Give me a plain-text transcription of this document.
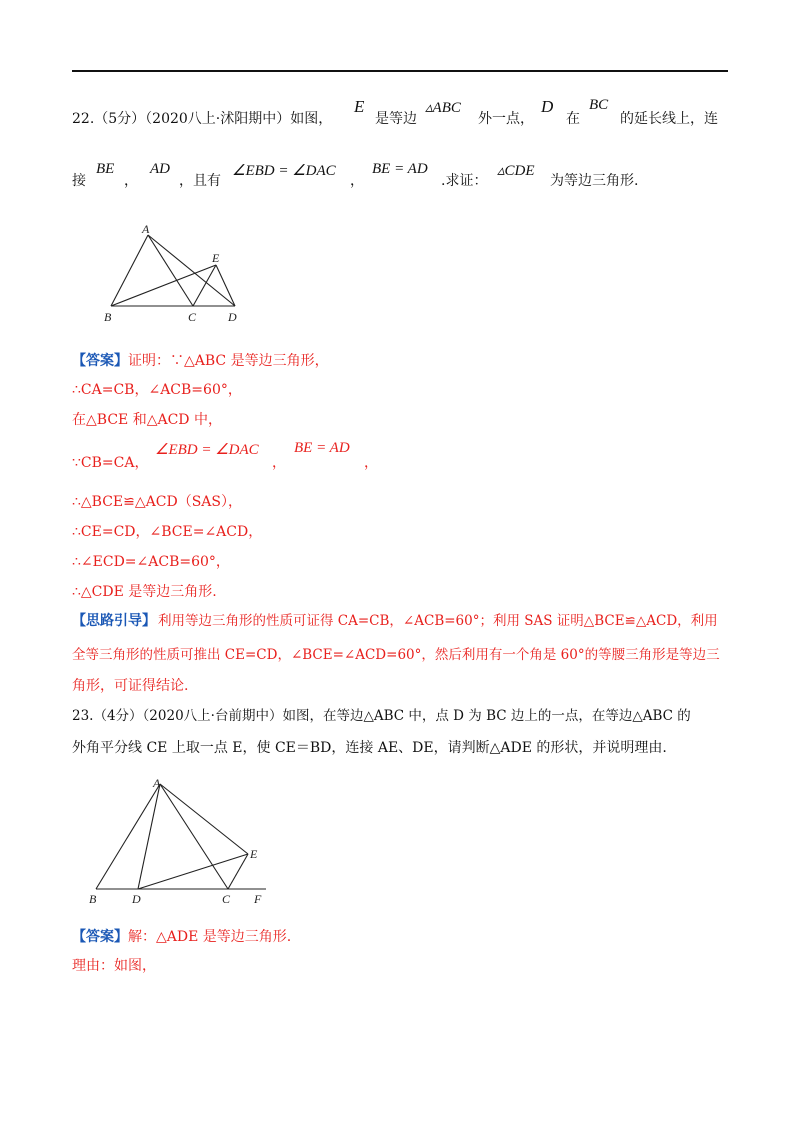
22.（5分）（2020八上·沭阳期中）如图，
E
是等边
▵ABC
外一点，
D
在
BC
的延长线上，连
接
BE
，
AD
，且有
∠EBD = ∠DAC
，
BE = AD
.求证：
▵CDE
为等边三角形.
A
E
B	C	D
【答案】 证明：∵△ABC 是等边三角形，
∴CA=CB，∠ACB=60°，
在△BCE 和△ACD 中，
∵CB=CA，
∠EBD = ∠DAC
，
BE = AD
，
∴△BCE≌△ACD（SAS），
∴CE=CD，∠BCE=∠ACD，
∴∠ECD=∠ACB=60°，
∴△CDE 是等边三角形.
【思路引导】 利用等边三角形的性质可证得 CA=CB，∠ACB=60°；利用 SAS 证明△BCE≌△ACD，利用
全等三角形的性质可推出 CE=CD，∠BCE=∠ACD=60°，然后利用有一个角是 60°的等腰三角形是等边三
角形，可证得结论.
23.（4分）（2020八上·台前期中）如图，在等边△ABC 中，点 D 为 BC 边上的一点，在等边△ABC 的
外角平分线 CE 上取一点 E，使 CE＝BD，连接 AE、DE，请判断△ADE 的形状，并说明理由.
A
E
B	D	C F
【答案】 解：△ADE 是等边三角形.
理由：如图，
